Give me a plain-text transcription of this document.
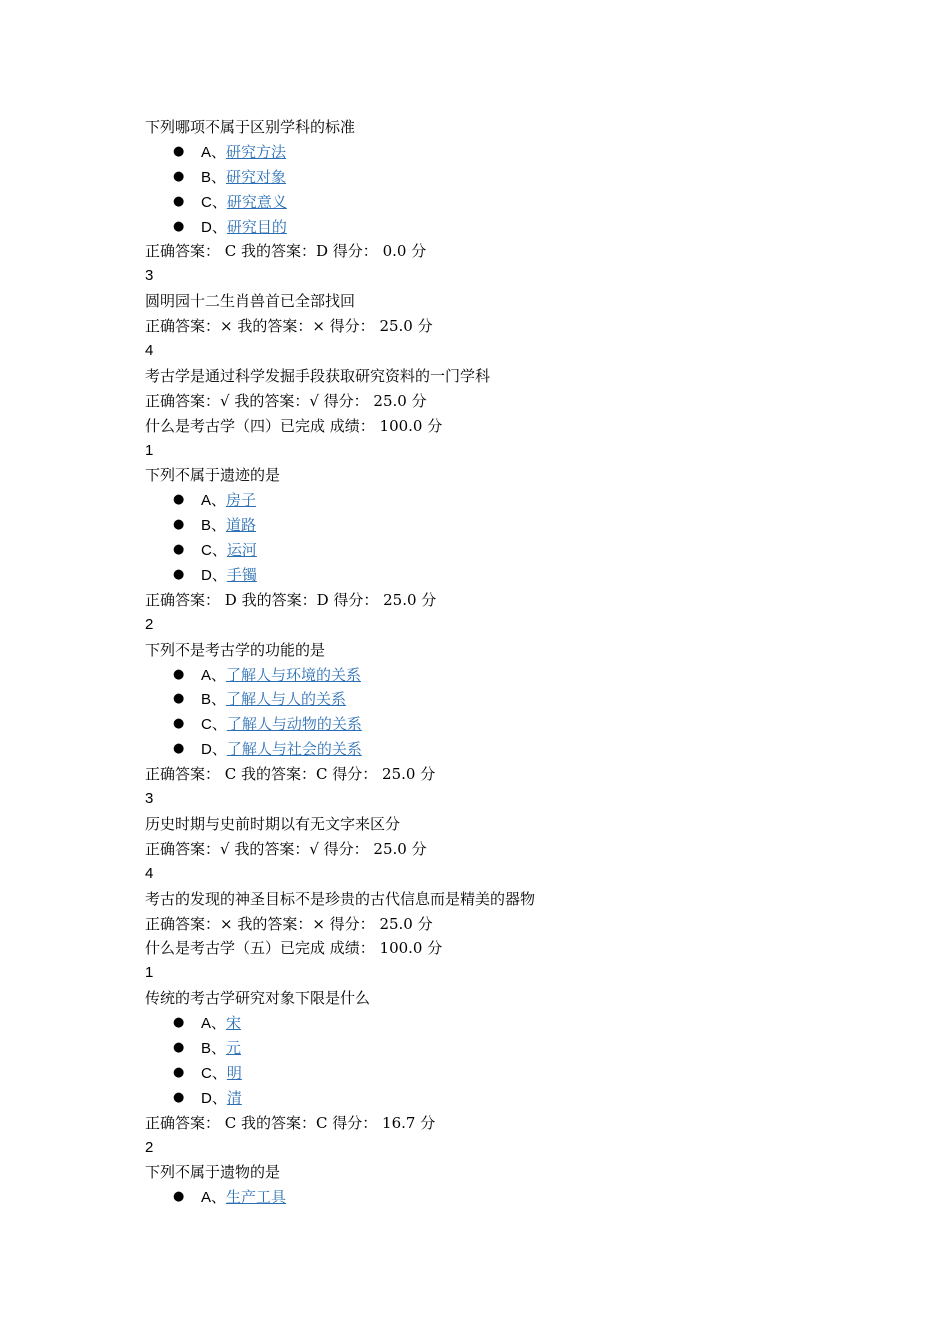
下列哪项不属于区别学科的标准
● A、研究方法
● B、研究对象
● C、研究意义
● D、研究目的
正确答案： C 我的答案：D 得分： 0.0 分
3
圆明园十二生肖兽首已全部找回
正确答案：× 我的答案：× 得分： 25.0 分
4
考古学是通过科学发掘手段获取研究资料的一门学科
正确答案：√ 我的答案：√ 得分： 25.0 分
什么是考古学（四）已完成 成绩： 100.0 分
1
下列不属于遗迹的是
● A、房子
● B、道路
● C、运河
● D、手镯
正确答案： D 我的答案：D 得分： 25.0 分
2
下列不是考古学的功能的是
● A、了解人与环境的关系
● B、了解人与人的关系
● C、了解人与动物的关系
● D、了解人与社会的关系
正确答案： C 我的答案：C 得分： 25.0 分
3
历史时期与史前时期以有无文字来区分
正确答案：√ 我的答案：√ 得分： 25.0 分
4
考古的发现的神圣目标不是珍贵的古代信息而是精美的器物
正确答案：× 我的答案：× 得分： 25.0 分
什么是考古学（五）已完成 成绩： 100.0 分
1
传统的考古学研究对象下限是什么
● A、宋
● B、元
● C、明
● D、清
正确答案： C 我的答案：C 得分： 16.7 分
2
下列不属于遗物的是
● A、生产工具
